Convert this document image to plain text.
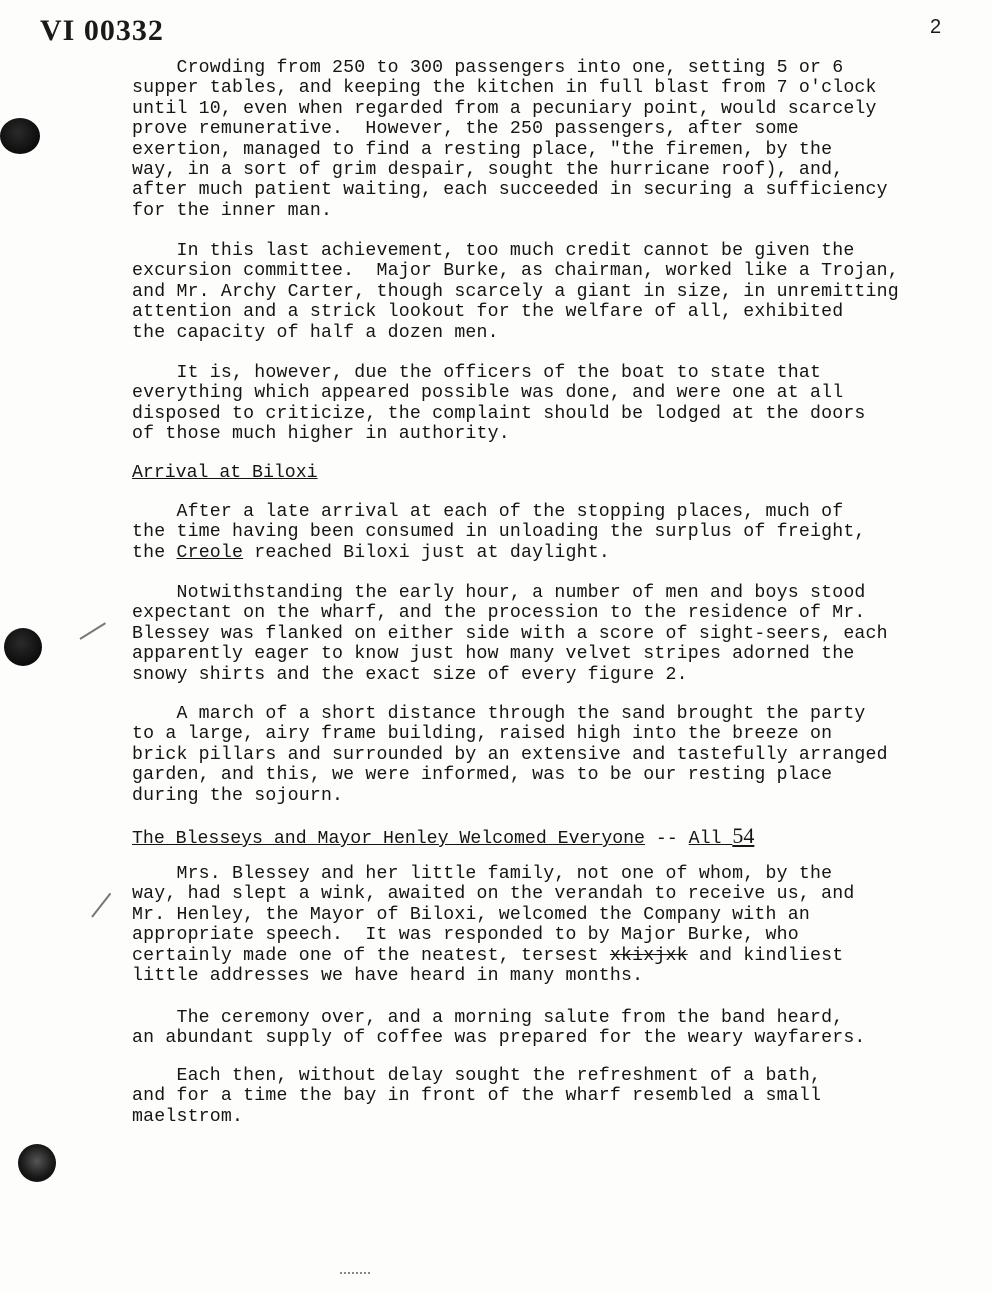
VI 00332	2
Crowding from 250 to 300 passengers into one, setting 5 or 6
supper tables, and keeping the kitchen in full blast from 7 o'clock
until 10, even when regarded from a pecuniary point, would scarcely
prove remunerative.  However, the 250 passengers, after some
exertion, managed to find a resting place, "the firemen, by the
way, in a sort of grim despair, sought the hurricane roof), and,
after much patient waiting, each succeeded in securing a sufficiency
for the inner man.
In this last achievement, too much credit cannot be given the
excursion committee.  Major Burke, as chairman, worked like a Trojan,
and Mr. Archy Carter, though scarcely a giant in size, in unremitting
attention and a strick lookout for the welfare of all, exhibited
the capacity of half a dozen men.
It is, however, due the officers of the boat to state that
everything which appeared possible was done, and were one at all
disposed to criticize, the complaint should be lodged at the doors
of those much higher in authority.
Arrival at Biloxi
After a late arrival at each of the stopping places, much of
the time having been consumed in unloading the surplus of freight,
the Creole reached Biloxi just at daylight.
Notwithstanding the early hour, a number of men and boys stood
expectant on the wharf, and the procession to the residence of Mr.
Blessey was flanked on either side with a score of sight-seers, each
apparently eager to know just how many velvet stripes adorned the
snowy shirts and the exact size of every figure 2.
A march of a short distance through the sand brought the party
to a large, airy frame building, raised high into the breeze on
brick pillars and surrounded by an extensive and tastefully arranged
garden, and this, we were informed, was to be our resting place
during the sojourn.
The Blesseys and Mayor Henley Welcomed Everyone -- All 54
Mrs. Blessey and her little family, not one of whom, by the
way, had slept a wink, awaited on the verandah to receive us, and
Mr. Henley, the Mayor of Biloxi, welcomed the Company with an
appropriate speech.  It was responded to by Major Burke, who
certainly made one of the neatest, tersest xkixjxk and kindliest
little addresses we have heard in many months.
The ceremony over, and a morning salute from the band heard,
an abundant supply of coffee was prepared for the weary wayfarers.
Each then, without delay sought the refreshment of a bath,
and for a time the bay in front of the wharf resembled a small
maelstrom.
